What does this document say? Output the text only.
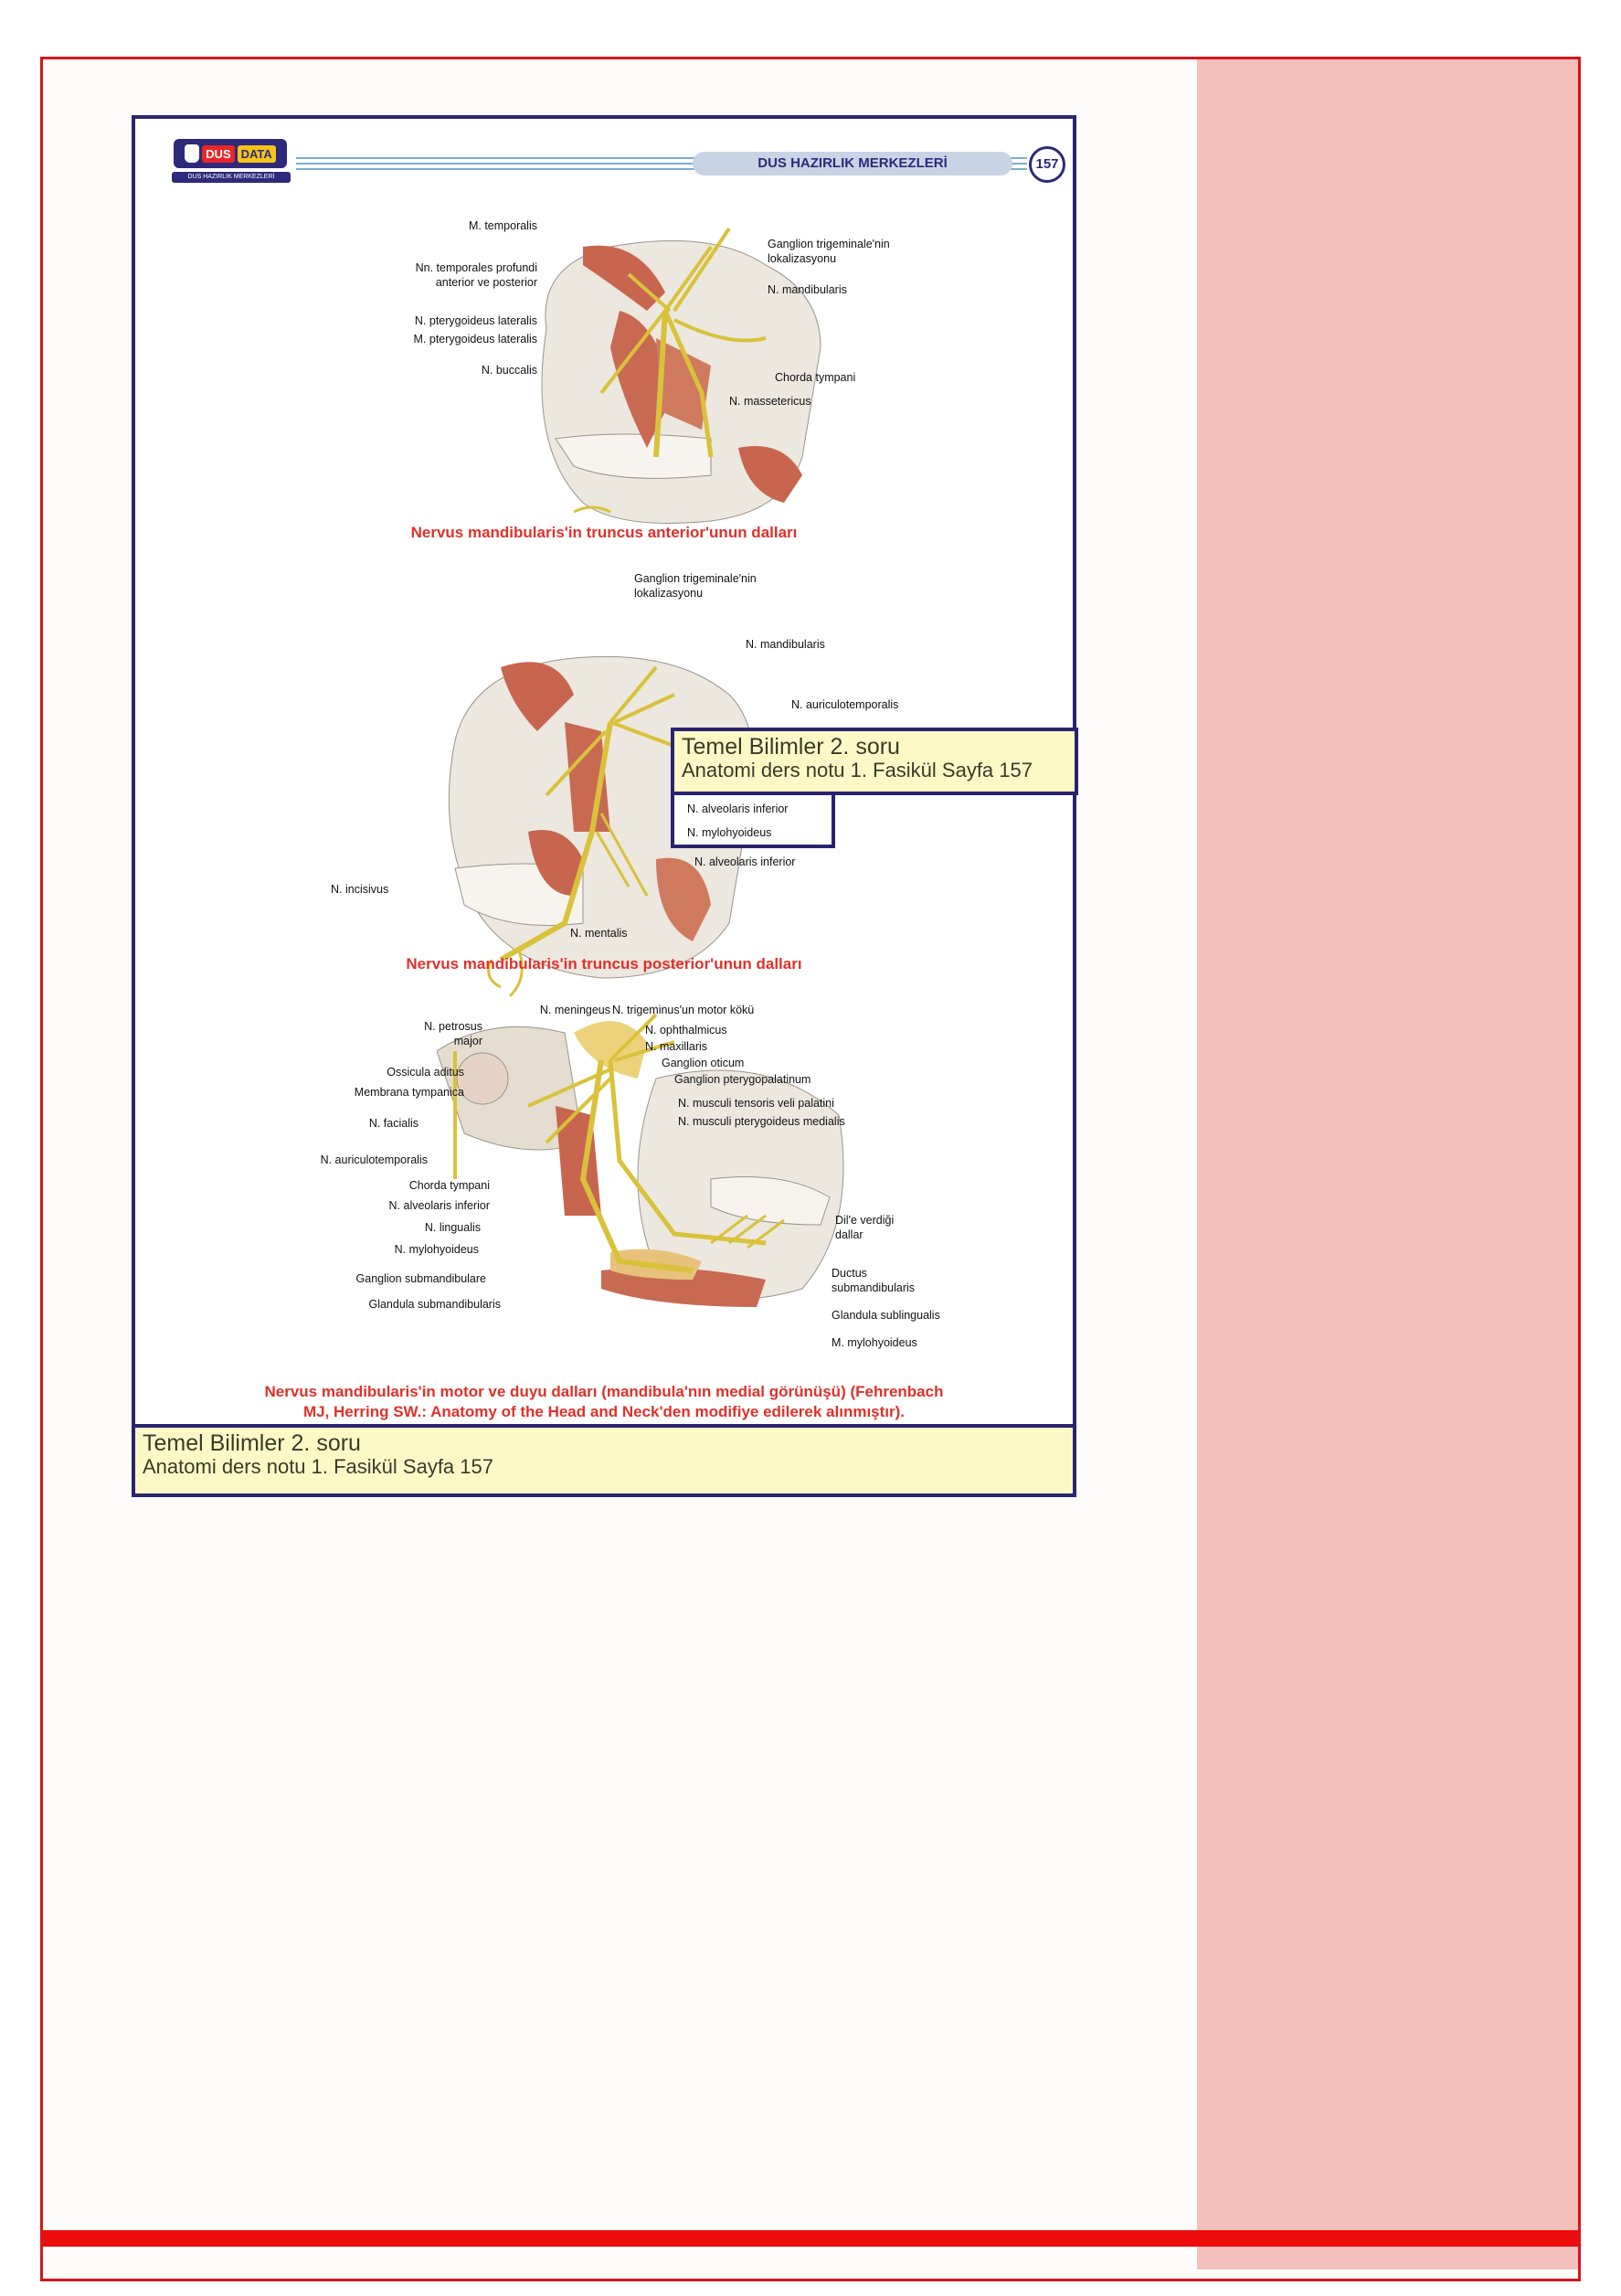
DUS DATA
DUS HAZIRLIK MERKEZLERİ
DUS HAZIRLIK MERKEZLERİ	157
M. temporalis
Nn. temporales profundi
anterior ve posterior
N. pterygoideus lateralis
M. pterygoideus lateralis
N. buccalis
Ganglion trigeminale'nin
lokalizasyonu
N. mandibularis
Chorda tympani
N. massetericus
Nervus mandibularis'in truncus anterior'unun dalları
Ganglion trigeminale'nin
lokalizasyonu
N. mandibularis
N. auriculotemporalis
N. alveolaris inferior
N. mylohyoideus
N. alveolaris inferior
N. incisivus
N. mentalis
Temel Bilimler 2. soru
Anatomi ders notu 1. Fasikül Sayfa 157
Nervus mandibularis'in truncus posterior'unun dalları
N. meningeus N. trigeminus'un motor kökü
N. petrosus
major
Ossicula aditus
Membrana tympanica
N. facialis
N. auriculotemporalis
Chorda tympani
N. alveolaris inferior
N. lingualis
N. mylohyoideus
Ganglion submandibulare
Glandula submandibularis
N. ophthalmicus
N. maxillaris
Ganglion oticum
Ganglion pterygopalatinum
N. musculi tensoris veli palatini
N. musculi pterygoideus medialis
Dil'e verdiği
dallar
Ductus
submandibularis
Glandula sublingualis
M. mylohyoideus
Nervus mandibularis'in motor ve duyu dalları (mandibula'nın medial görünüşü) (Fehrenbach
MJ, Herring SW.: Anatomy of the Head and Neck'den modifiye edilerek alınmıştır).
Temel Bilimler 2. soru
Anatomi ders notu 1. Fasikül Sayfa 157
